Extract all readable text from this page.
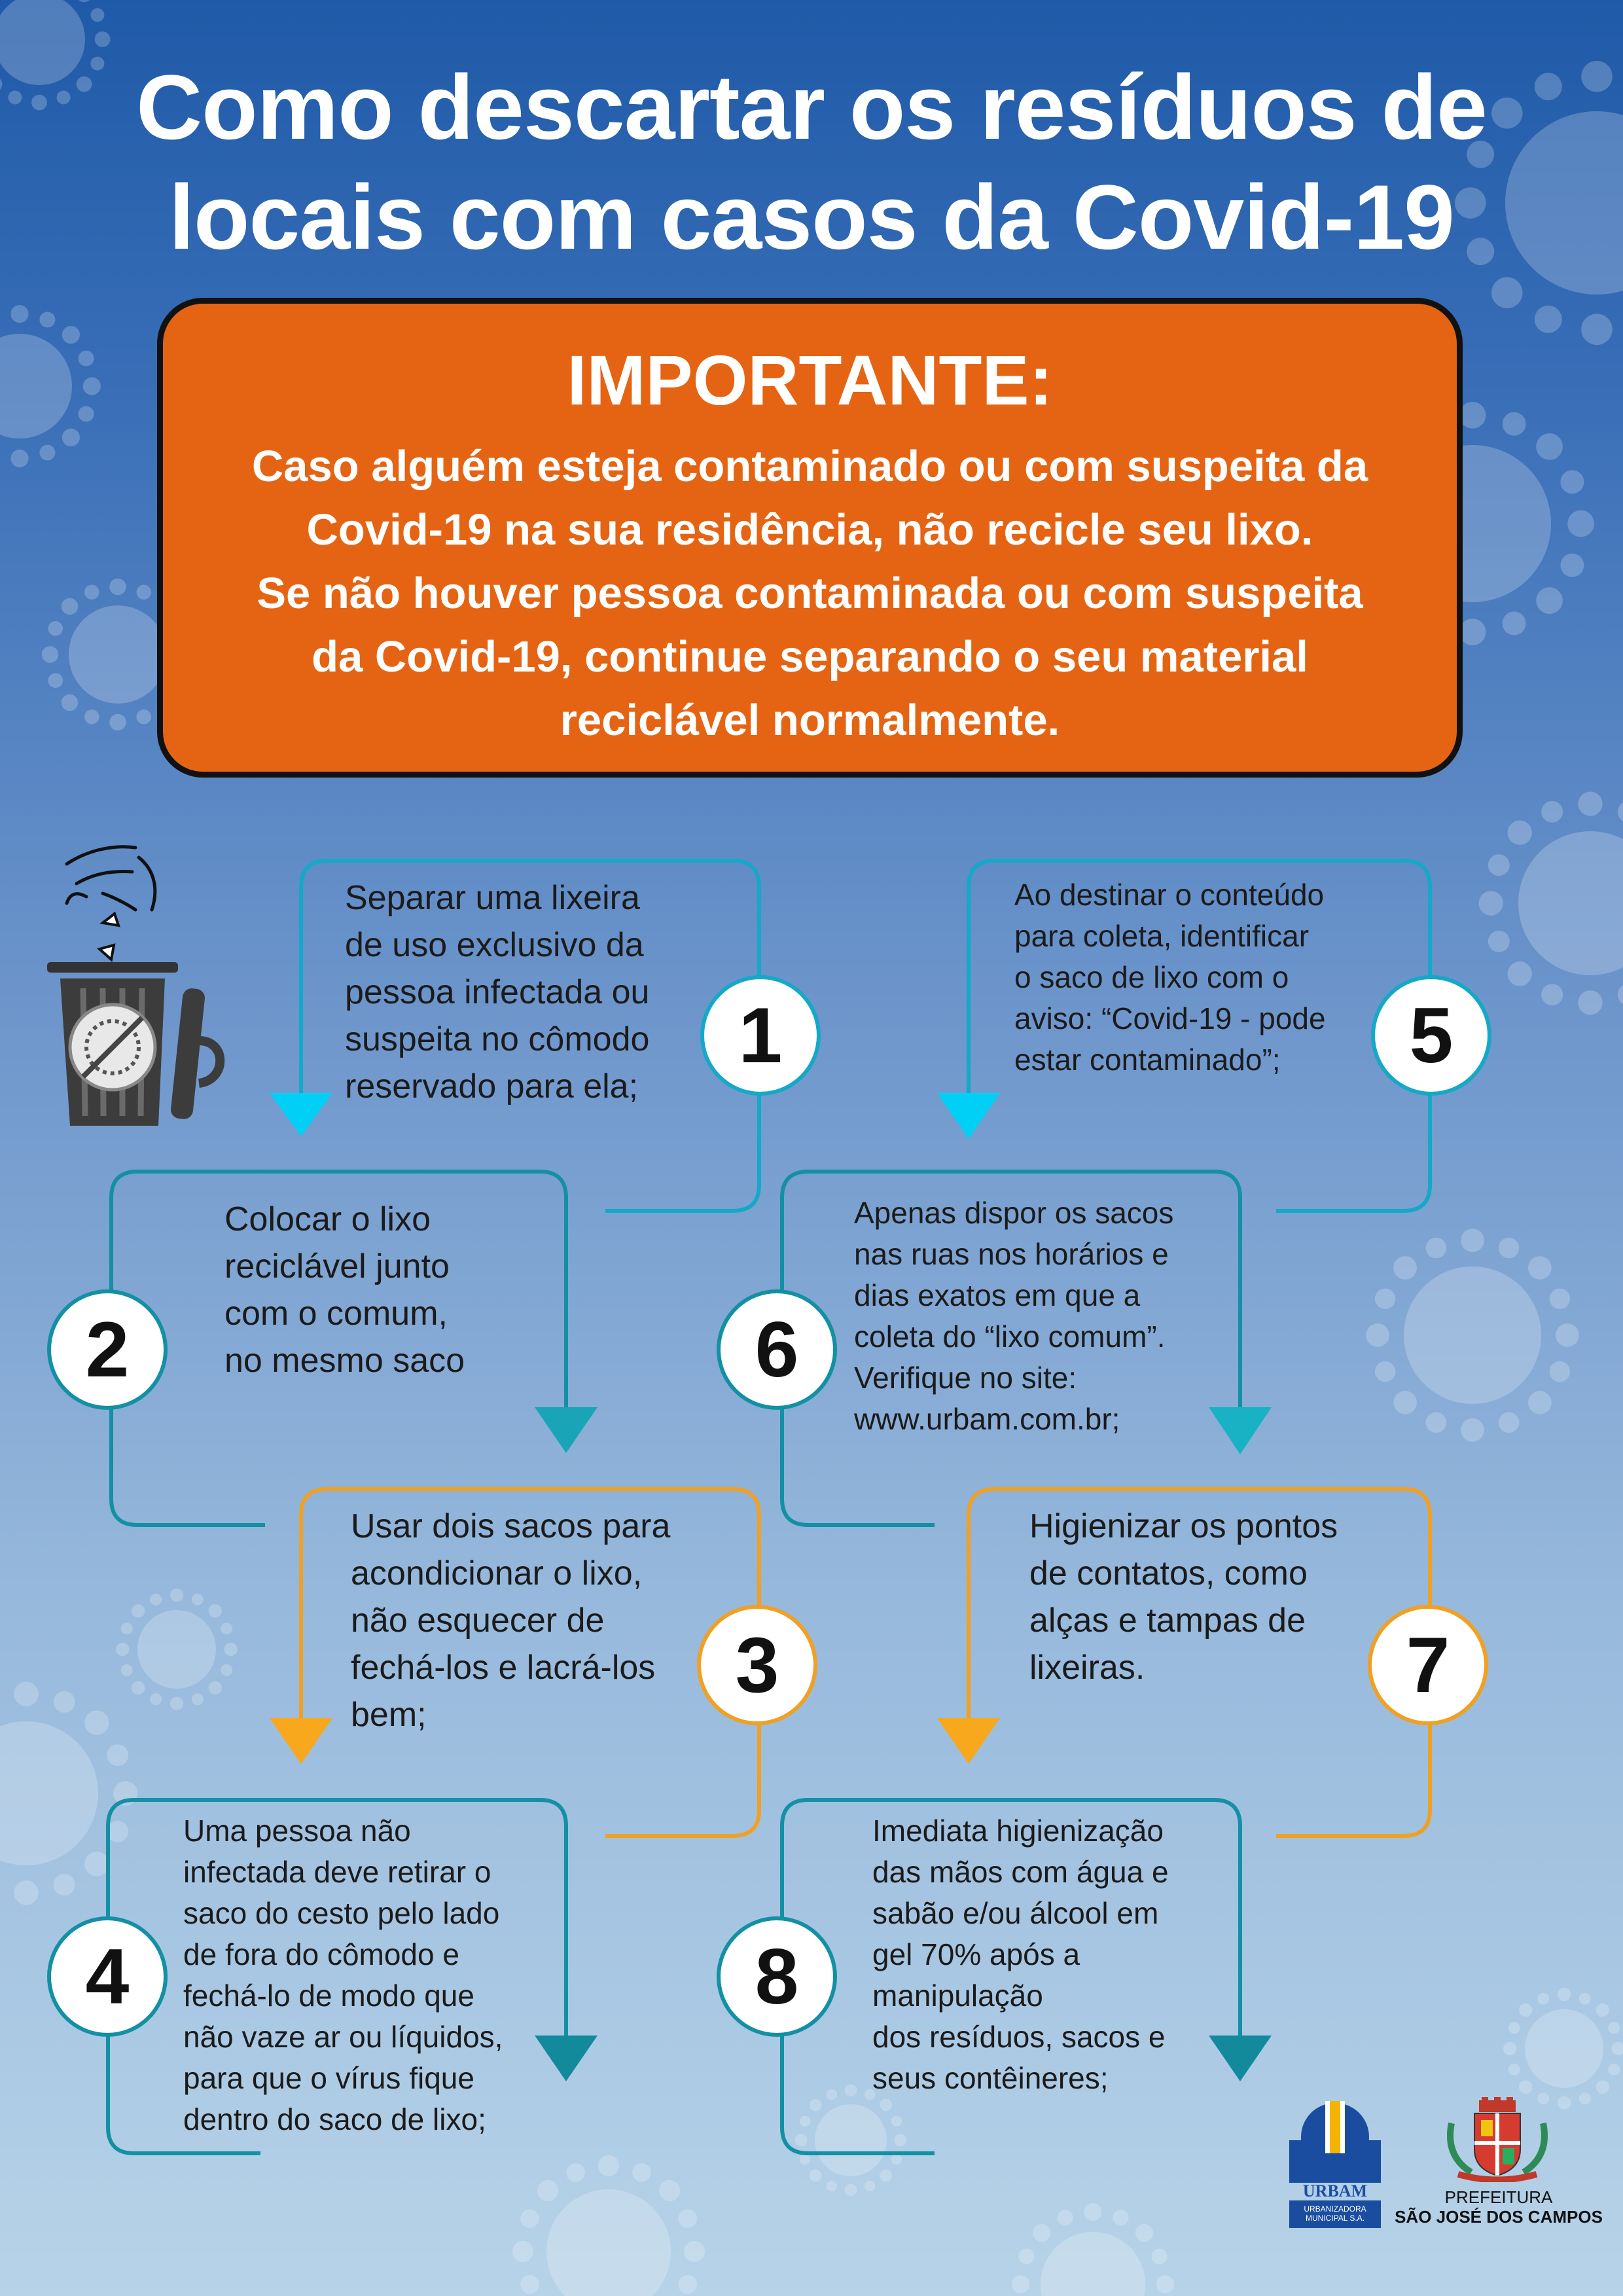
Como descartar os resíduos de
locais com casos da Covid-19
IMPORTANTE:
Caso alguém esteja contaminado ou com suspeita da
Covid-19 na sua residência, não recicle seu lixo.
Se não houver pessoa contaminada ou com suspeita
da Covid-19, continue separando o seu material
reciclável normalmente.
Separar uma lixeira
de uso exclusivo da
pessoa infectada ou
suspeita no cômodo
reservado para ela;
Colocar o lixo
reciclável junto
com o comum,
no mesmo saco
Usar dois sacos para
acondicionar o lixo,
não esquecer de
fechá-los e lacrá-los
bem;
Uma pessoa não
infectada deve retirar o
saco do cesto pelo lado
de fora do cômodo e
fechá-lo de modo que
não vaze ar ou líquidos,
para que o vírus fique
dentro do saco de lixo;
Ao destinar o conteúdo
para coleta, identificar
o saco de lixo com o
aviso: “Covid-19 - pode
estar contaminado”;
Apenas dispor os sacos
nas ruas nos horários e
dias exatos em que a
coleta do “lixo comum”.
Verifique no site:
www.urbam.com.br;
Higienizar os pontos
de contatos, como
alças e tampas de
lixeiras.
Imediata higienização
das mãos com água e
sabão e/ou álcool em
gel 70% após a
manipulação
dos resíduos, sacos e
seus contêineres;
1
2
3
4
5
6
7
8
URBAM
URBANIZADORA
MUNICIPAL S.A.
PREFEITURA
SÃO JOSÉ DOS CAMPOS
